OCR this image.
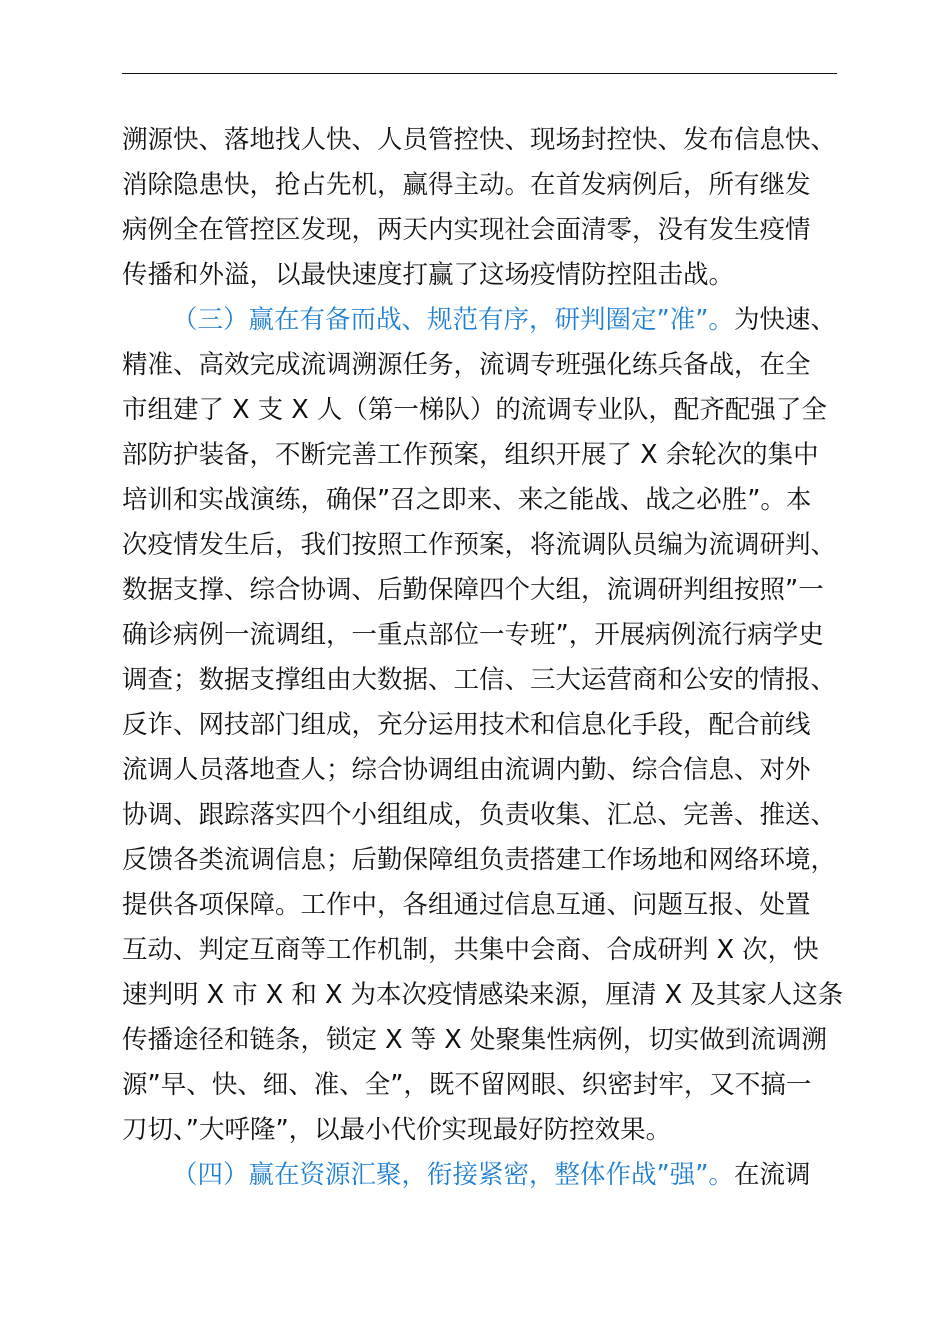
溯源快、落地找人快、人员管控快、现场封控快、发布信息快、
消除隐患快，抢占先机，赢得主动。在首发病例后，所有继发
病例全在管控区发现，两天内实现社会面清零，没有发生疫情
传播和外溢，以最快速度打赢了这场疫情防控阻击战。
（三）赢在有备而战、规范有序，研判圈定”准”。为快速、
精准、高效完成流调溯源任务，流调专班强化练兵备战，在全
市组建了 X 支 X 人（第一梯队）的流调专业队，配齐配强了全
部防护装备，不断完善工作预案，组织开展了 X 余轮次的集中
培训和实战演练，确保”召之即来、来之能战、战之必胜”。本
次疫情发生后，我们按照工作预案，将流调队员编为流调研判、
数据支撑、综合协调、后勤保障四个大组，流调研判组按照”一
确诊病例一流调组，一重点部位一专班”，开展病例流行病学史
调查；数据支撑组由大数据、工信、三大运营商和公安的情报、
反诈、网技部门组成，充分运用技术和信息化手段，配合前线
流调人员落地查人；综合协调组由流调内勤、综合信息、对外
协调、跟踪落实四个小组组成，负责收集、汇总、完善、推送、
反馈各类流调信息；后勤保障组负责搭建工作场地和网络环境，
提供各项保障。工作中，各组通过信息互通、问题互报、处置
互动、判定互商等工作机制，共集中会商、合成研判 X 次，快
速判明 X 市 X 和 X 为本次疫情感染来源，厘清 X 及其家人这条
传播途径和链条，锁定 X 等 X 处聚集性病例，切实做到流调溯
源”早、快、细、准、全”，既不留网眼、织密封牢，又不搞一
刀切、”大呼隆”，以最小代价实现最好防控效果。
（四）赢在资源汇聚，衔接紧密，整体作战”强”。在流调
